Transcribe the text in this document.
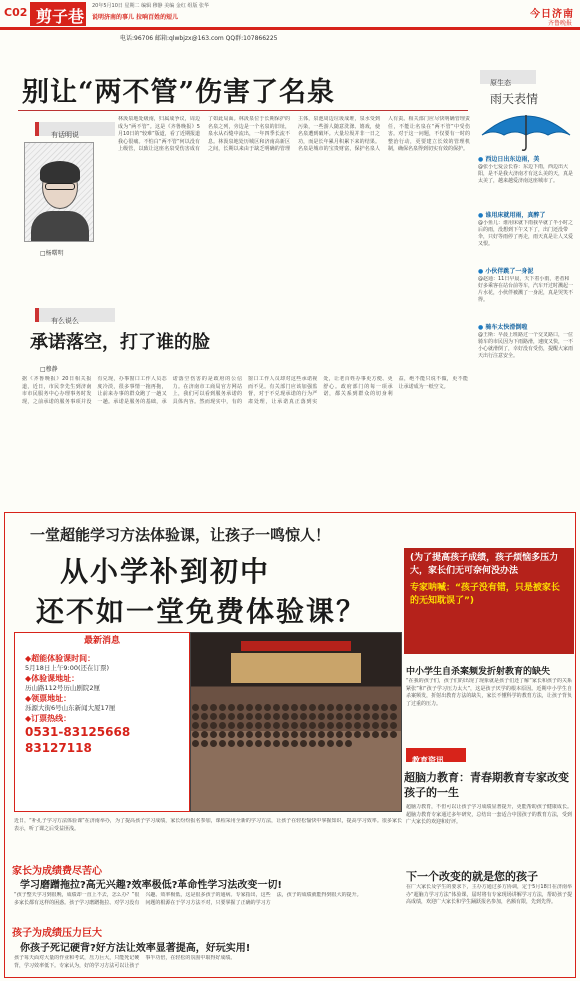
C02 剪子巷
20年5月10日 星期二 编辑 穆静 美编 金红 组版 张华
说明济南的事儿 拉响百姓的短儿	今日济南
齐鲁晚报
电话:96706 邮箱:qlwbjzx@163.com QQ群:107866225
别让“两不管”伤害了名泉
有话明说
□杨曙明
林汲泉地处级南，归属成争议，周边成为“两不管”。这是《齐鲁晚报》5月10日的“较难”版道，看了近期报道我心很痛。不怕白“两不管”何以没有上级管，以致让这座名泉受伤害成有了如此局面。林汲泉位于长期保护的名泉之列，旁边是一个名泉的旧址，泉水从石缝中流出，一年四季长流不息。林汲泉地处历城区和济南高新区之间，长期以来由于缺乏明确的管理主体，泉池周边垃圾成堆，泉水受到污染，一些游人随意洗涤、嬉戏，使名泉遭到破坏。大量垃圾并非一日之功，而是长年累月积累下来的结果。名泉是城市的宝贵财富，保护名泉人人有责。相关部门应尽快明确管理责任，不能让名泉在“两不管”中受伤害。对于这一问题，不仅要有一时的整治行动，更要建立长效的管理机制，确保名泉得到切实有效的保护。
原生态
雨天表情
● 西边日出东边雨，美
@张小七爱会长春：东边下雨，西边出大阳，是不是我大济南才有这么美的天，真是太美了，越来越爱济南这座城市了。
● 谁用床就用雨，真醉了
@小鱼儿：谁用床就下雨我早就了半小时之后的雨，没想到下午又下了，出门还没带伞，只好等雨停了再走，雨天真是让人又爱又恨。
● 小伙伴跳了一身泥
@赵通：11日早晨，天下着小雨，老者和好多乘客在站台前等车，汽车开过时溅起一片水花，小伙伴被溅了一身泥，真是哭笑不得。
● 骑车太快滑倒啦
@王斯：早晨上班路过一个交叉路口，一位骑车的市民因为下雨路滑，速度又快，一不小心就滑倒了，幸好没有受伤，提醒大家雨天出行注意安全。
有么说么
承诺落空，打了谁的脸
□穆静
据《齐鲁晚报》20日相关报道，近日，市民李先生到济南市市民服务中心办理事务时发现，之前承诺的服务事项并没有兑现，办事窗口工作人员态度冷淡，很多事情一拖再拖，让前来办事的群众跑了一趟又一趟。承诺是服务的基础，承诺落空伤害的是政府的公信力。在济南市工商局官方网站上，我们可以看到服务承诺的具体内容。然而现实中，有的窗口工作人员却对这些承诺视而不见。有关部门应该加强监督，对于不兑现承诺的行为严肃处理，让承诺真正落到实处，让老百姓办事更方便、更舒心。政府部门的每一项承诺，都关系到群众的切身利益，绝不能只说不做，更不能让承诺成为一纸空文。
一堂超能学习方法体验课，让孩子一鸣惊人！
从小学补到初中
还不如一堂免费体验课？
(为了提高孩子成绩，孩子烦恼多压力大，家长们无可奈何没办法
专家呐喊：“孩子没有错，只是被家长的无知耽误了”)
最新消息
◆超能体验课时间：
5月18日上午9:00(还在订票)
◆体验课地址：
历山路112号历山剧院2厘
◆领票地址：
泺源大街6号山东新闻大厦17厘
◆订票热线：
0531-83125668 83127118
中小学生自杀案频发折射教育的缺失
“在我的孩子们，孩子们的出现了现象就是孩子们还了解“家长和孩子的关系紧张”和“孩子学习压力太大”，这是孩子厌学的根本原因。近期中小学生自杀案频发，折射出教育方法的缺失，家长不懂科学的教育方法，让孩子背负了过重的压力。
近日，“补孔子学习方法体验课”在济南举办，为了提高孩子学习成绩，家长纷纷报名参加，课程采用全新的学习方法，让孩子在轻松愉快中掌握知识，提高学习效率。很多家长表示，听了课之后受益匪浅。
家长为成绩费尽苦心
学习磨蹭拖拉?高无兴趣?效率极低?革命性学习法改变一切!
“孩子整天学习到很晚，成绩却一直上不去，怎么办？”很多家长都有这样的困惑。孩子学习磨蹭拖拉、对学习没有兴趣、效率极低，这是很多孩子的通病。专家指出，这些问题的根源在于学习方法不对，只要掌握了正确的学习方法，孩子的成绩就能得到很大的提升。
孩子为成绩压力巨大
你孩子死记硬背?好方法让效率显著提高，好玩实用!
孩子每天面对大量的作业和考试，压力巨大，只能死记硬背，学习效率低下。专家认为，好的学习方法可以让孩子事半功倍，在轻松的氛围中取得好成绩。
教育资讯
超脑力教育：青春期教育专家改变孩子的一生
超脑力教育，不但可以让孩子学习成绩显著提升，更能帮助孩子健康成长。超脑力教育专家通过多年研究，总结出一套适合中国孩子的教育方法，受到广大家长的欢迎和好评。
下一个改变的就是您的孩子
在广大家长及学生的要求下，主办方通过多方协调，定于5月18日在济南举办“超脑力学习方法”体验课，届时将有专家现场讲解学习方法，帮助孩子提高成绩，欢迎广大家长和学生踊跃报名参加，名额有限，先到先得。
